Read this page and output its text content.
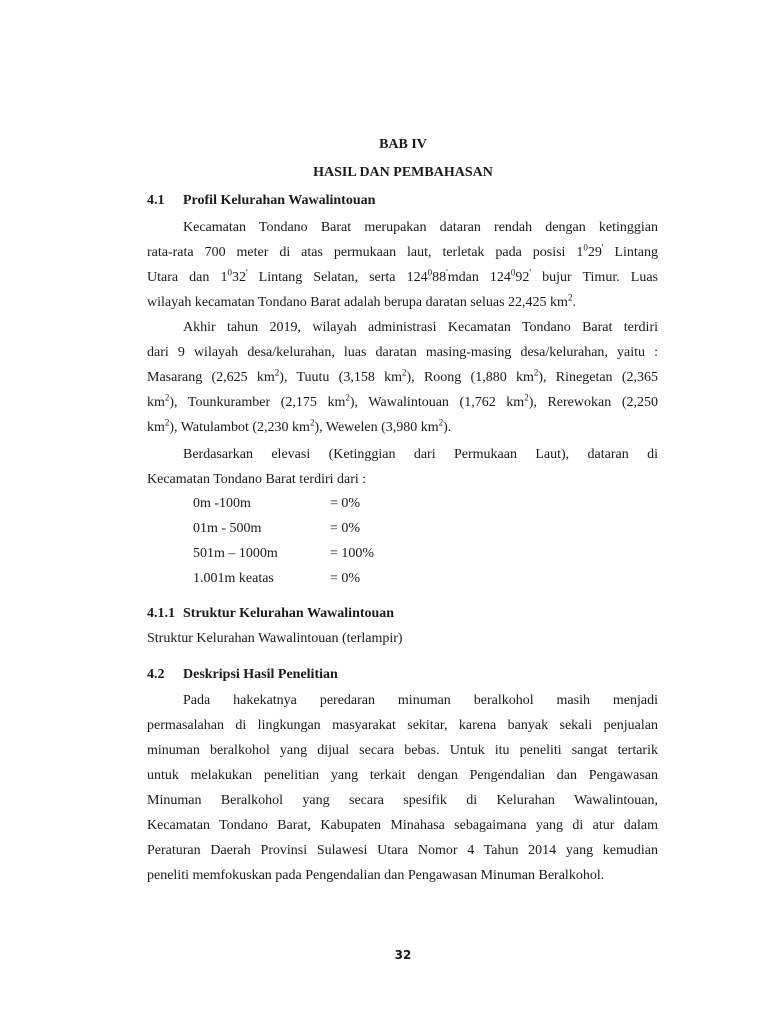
BAB IV
HASIL DAN PEMBAHASAN
4.1 Profil Kelurahan Wawalintouan

Kecamatan Tondano Barat merupakan dataran rendah dengan ketinggian

rata-rata 700 meter di atas permukaan laut, terletak pada posisi $1^029'$ Lintang

Utara dan $1^032'$ Lintang Selatan, serta $124^088'mdan$ $124^092'$ bujur Timur. Luas

wilayah kecamatan Tondano Barat adalah berupa daratan seluas 22,425 $km^2$.

Akhir tahun 2019, wilayah administrasi Kecamatan Tondano Barat terdiri

dari 9 wilayah desa/kelurahan, luas daratan masing-masing desa/kelurahan, yaitu :

Masarang (2,625 $km^2$), Tuutu (3,158 $km^2$), Roong (1,880 $km^2$), Rinegetan (2,365

$km^2$), Tounkuramber (2,175 $km^2$), Wawalintouan (1,762 $km^2$), Rerewokan (2,250

$km^2$), Watulambot (2,230 $km^2$), Wewelen (3,980 $km^2$).

Berdasarkan elevasi (Ketinggian dari Permukaan Laut), dataran di

Kecamatan Tondano Barat terdiri dari :

0m -100m	= 0%
01m - 500m	= 0%
501m – 1000m	= 100%
1.001m keatas	= 0%
4.1.1 Struktur Kelurahan Wawalintouan
Struktur Kelurahan Wawalintouan (terlampir)
4.2 Deskripsi Hasil Penelitian

Pada hakekatnya peredaran minuman beralkohol masih menjadi

permasalahan di lingkungan masyarakat sekitar, karena banyak sekali penjualan

minuman beralkohol yang dijual secara bebas. Untuk itu peneliti sangat tertarik

untuk melakukan penelitian yang terkait dengan Pengendalian dan Pengawasan

Minuman Beralkohol yang secara spesifik di Kelurahan Wawalintouan,

Kecamatan Tondano Barat, Kabupaten Minahasa sebagaimana yang di atur dalam

Peraturan Daerah Provinsi Sulawesi Utara Nomor 4 Tahun 2014 yang kemudian

peneliti memfokuskan pada Pengendalian dan Pengawasan Minuman Beralkohol.

32
